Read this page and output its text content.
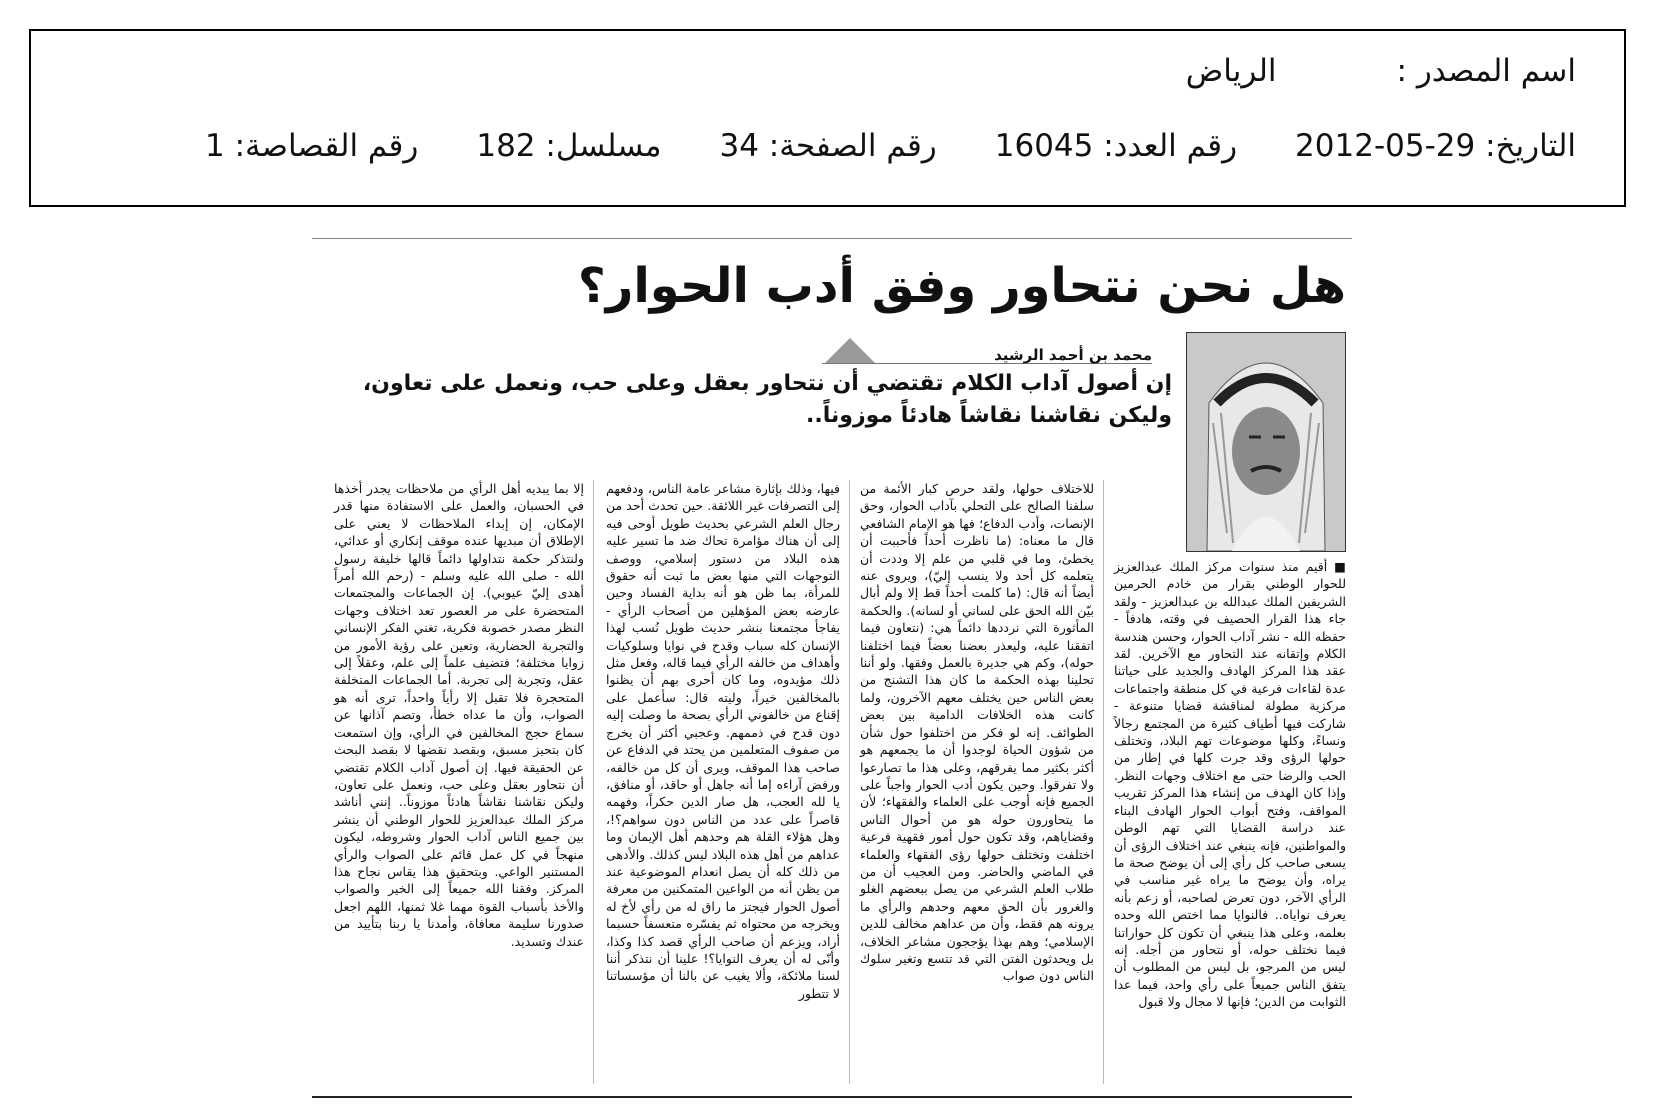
اسم المصدر :الرياض
التاريخ: 29-05-2012رقم العدد: 16045رقم الصفحة: 34مسلسل: 182رقم القصاصة: 1
هل نحن نتحاور وفق أدب الحوار؟
محمد بن أحمد الرشيد
إن أصول آداب الكلام تقتضي أن نتحاور بعقل وعلى حب، ونعمل على تعاون، وليكن نقاشنا نقاشاً هادئاً موزوناً..

■ أقيم منذ سنوات مركز الملك عبدالعزيز للحوار الوطني بقرار من خادم الحرمين الشريفين الملك عبدالله بن عبدالعزيز - ولقد جاء هذا القرار الحصيف في وقته، هادفاً - حفظه الله - نشر آداب الحوار، وحسن هندسة الكلام وإتقانه عند التحاور مع الآخرين. لقد عقد هذا المركز الهادف والجديد على حياتنا عدة لقاءات فرعية في كل منطقة واجتماعات مركزية مطولة لمناقشة قضايا متنوعة - شاركت فيها أطياف كثيرة من المجتمع رجالاً ونساءً، وكلها موضوعات تهم البلاد، وتختلف حولها الرؤى وقد جرت كلها في إطار من الحب والرضا حتى مع اختلاف وجهات النظر. وإذا كان الهدف من إنشاء هذا المركز تقريب المواقف، وفتح أبواب الحوار الهادف البناء عند دراسة القضايا التي تهم الوطن والمواطنين، فإنه ينبغي عند اختلاف الرؤى أن يسعى صاحب كل رأي إلى أن يوضح صحة ما يراه، وأن يوضح ما يراه غير مناسب في الرأي الآخر، دون تعرض لصاحبه، أو زعم بأنه يعرف نواياه.. فالنوايا مما اختص الله وحده بعلمه، وعلى هذا ينبغي أن تكون كل حواراتنا فيما نختلف حوله، أو نتحاور من أجله. إنه ليس من المرجو، بل ليس من المطلوب أن يتفق الناس جميعاً على رأي واحد، فيما عدا الثوابت من الدين؛ فإنها لا مجال ولا قبول

للاختلاف حولها، ولقد حرص كبار الأئمة من سلفنا الصالح على التحلي بآداب الحوار، وحق الإنصات، وأدب الدفاع؛ فها هو الإمام الشافعي قال ما معناه: (ما ناظرت أحداً فأحببت أن يخطئ، وما في قلبي من علم إلا وددت أن يتعلمه كل أحد ولا ينسب إليّ)، ويروى عنه أيضاً أنه قال: (ما كلمت أحداً قط إلا ولم أبال بيّن الله الحق على لساني أو لسانه). والحكمة المأثورة التي نرددها دائماً هي: (نتعاون فيما اتفقنا عليه، وليعذر بعضنا بعضاً فيما اختلفنا حوله)، وكم هي جديرة بالعمل وفقها. ولو أننا تحلينا بهذه الحكمة ما كان هذا التشنج من بعض الناس حين يختلف معهم الآخرون، ولما كانت هذه الخلافات الدامية بين بعض الطوائف. إنه لو فكر من اختلفوا حول شأن من شؤون الحياة لوجدوا أن ما يجمعهم هو أكثر بكثير مما يفرقهم، وعلى هذا ما تصارعوا ولا تفرقوا. وحين يكون أدب الحوار واجباً على الجميع فإنه أوجب على العلماء والفقهاء؛ لأن ما يتحاورون حوله هو من أحوال الناس وقضاياهم، وقد تكون حول أمور فقهية فرعية اختلفت وتختلف حولها رؤى الفقهاء والعلماء في الماضي والحاضر. ومن العجيب أن من طلاب العلم الشرعي من يصل ببعضهم الغلو والغرور بأن الحق معهم وحدهم والرأي ما يرونه هم فقط، وأن من عداهم مخالف للدين الإسلامي؛ وهم بهذا يؤججون مشاعر الخلاف، بل ويحدثون الفتن التي قد تتسع وتغير سلوك الناس دون صواب

فيها، وذلك بإثارة مشاعر عامة الناس، ودفعهم إلى التصرفات غير اللائقة. حين تحدث أحد من رجال العلم الشرعي بحديث طويل أوحى فيه إلى أن هناك مؤامرة تحاك ضد ما تسير عليه هذه البلاد من دستور إسلامي، ووصف التوجهات التي منها بعض ما ثبت أنه حقوق للمرأة، بما ظن هو أنه بداية الفساد وحين عارضه بعض المؤهلين من أصحاب الرأي - يفاجأ مجتمعنا بنشر حديث طويل نُسب لهذا الإنسان كله سباب وقدح في نوايا وسلوكيات وأهداف من خالفه الرأي فيما قاله، وفعل مثل ذلك مؤيدوه، وما كان أحرى بهم أن يظنوا بالمخالفين خيراً، وليته قال: سأعمل على إقناع من خالفوني الرأي بصحة ما وصلت إليه دون قدح في ذممهم. وعجبي أكثر أن يخرج من صفوف المتعلمين من يحتد في الدفاع عن صاحب هذا الموقف، ويرى أن كل من خالفه، ورفض آراءه إما أنه جاهل أو حاقد، أو منافق، يا لله العجب، هل صار الدين حكراً، وفهمه قاصراً على عدد من الناس دون سواهم؟!، وهل هؤلاء القلة هم وحدهم أهل الإيمان وما عداهم من أهل هذه البلاد ليس كذلك. والأدهى من ذلك كله أن يصل انعدام الموضوعية عند من يظن أنه من الواعين المتمكنين من معرفة أصول الحوار فيجتز ما راق له من رأي لأخ له ويخرجه من محتواه ثم يفسّره متعسفاً حسبما أراد، ويزعم أن صاحب الرأي قصد كذا وكذا، وأنّى له أن يعرف النوايا؟! علينا أن نتذكر أننا لسنا ملائكة، وألا يغيب عن بالنا أن مؤسساتنا لا تتطور

إلا بما يبديه أهل الرأي من ملاحظات يجدر أخذها في الحسبان، والعمل على الاستفادة منها قدر الإمكان، إن إبداء الملاحظات لا يعني على الإطلاق أن مبديها عنده موقف إنكاري أو عدائي، ولنتذكر حكمة نتداولها دائماً قالها خليفة رسول الله - صلى الله عليه وسلم - (رحم الله أمراً أهدى إليّ عيوبي). إن الجماعات والمجتمعات المتحضرة على مر العصور تعد اختلاف وجهات النظر مصدر خصوبة فكرية، تغني الفكر الإنساني والتجربة الحضارية، وتعين على رؤية الأمور من زوايا مختلفة؛ فتضيف علماً إلى علم، وعقلاً إلى عقل، وتجربة إلى تجربة. أما الجماعات المتخلفة المتحجرة فلا تقبل إلا رأياً واحداً، ترى أنه هو الصواب، وأن ما عداه خطأ، وتصم آذانها عن سماع حجج المخالفين في الرأي، وإن استمعت كان بتحيز مسبق، وبقصد نقضها لا بقصد البحث عن الحقيقة فيها. إن أصول آداب الكلام تقتضي أن نتحاور بعقل وعلى حب، ونعمل على تعاون، وليكن نقاشنا نقاشاً هادئاً موزوناً.. إنني أناشد مركز الملك عبدالعزيز للحوار الوطني أن ينشر بين جميع الناس آداب الحوار وشروطه، ليكون منهجاً في كل عمل قائم على الصواب والرأي المستنير الواعي. وبتحقيق هذا يقاس نجاح هذا المركز. وفقنا الله جميعاً إلى الخير والصواب والأخذ بأسباب القوة مهما غلا ثمنها، اللهم اجعل صدورنا سليمة معافاة، وأمدنا يا ربنا بتأييد من عندك وتسديد.
